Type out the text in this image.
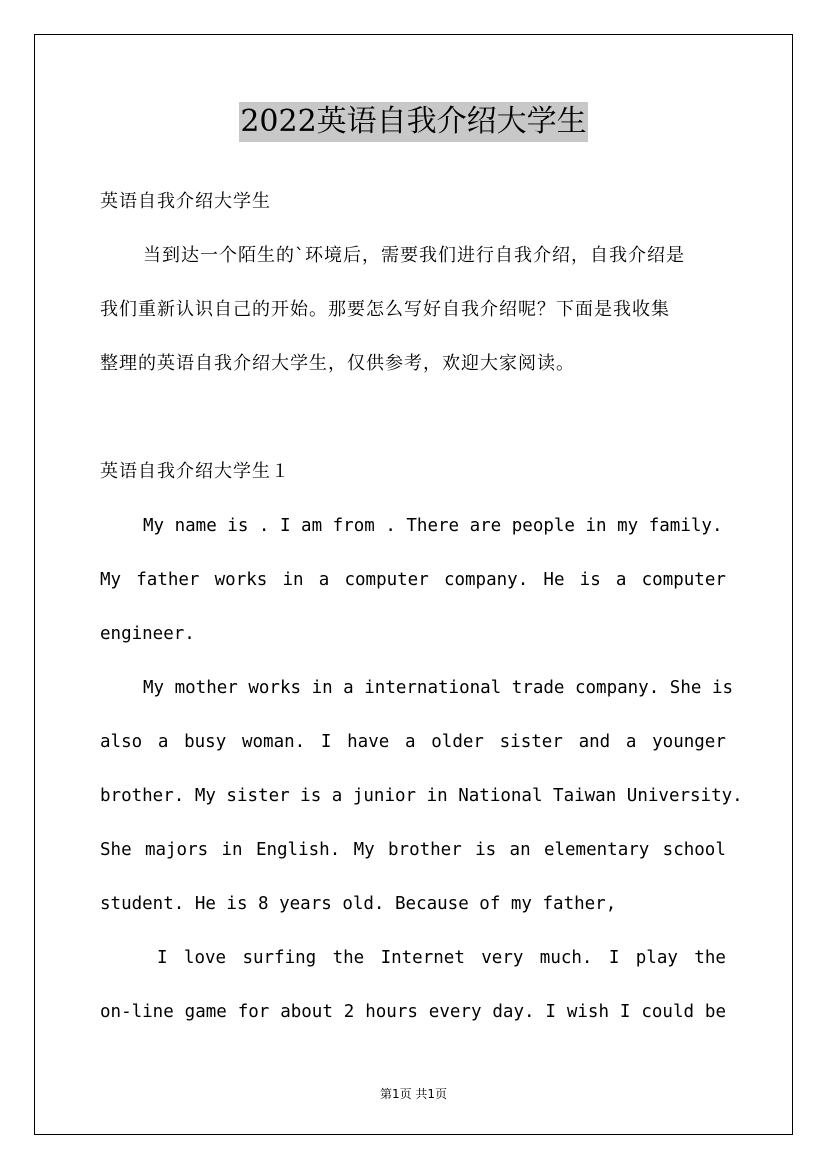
2022英语自我介绍大学生
英语自我介绍大学生
当到达一个陌生的`环境后，需要我们进行自我介绍，自我介绍是
我们重新认识自己的开始。那要怎么写好自我介绍呢？下面是我收集
整理的英语自我介绍大学生，仅供参考，欢迎大家阅读。
英语自我介绍大学生１
My name is . I am from . There are people in my family.
My father works in a computer company. He is a computer
engineer.
My mother works in a international trade company. She is
also a busy woman. I have a older sister and a younger
brother. My sister is a junior in National Taiwan University.
She majors in English. My brother is an elementary school
student. He is 8 years old. Because of my father,
I love surfing the Internet very much. I play the
on-line game for about 2 hours every day. I wish I could be
第1页 共1页
